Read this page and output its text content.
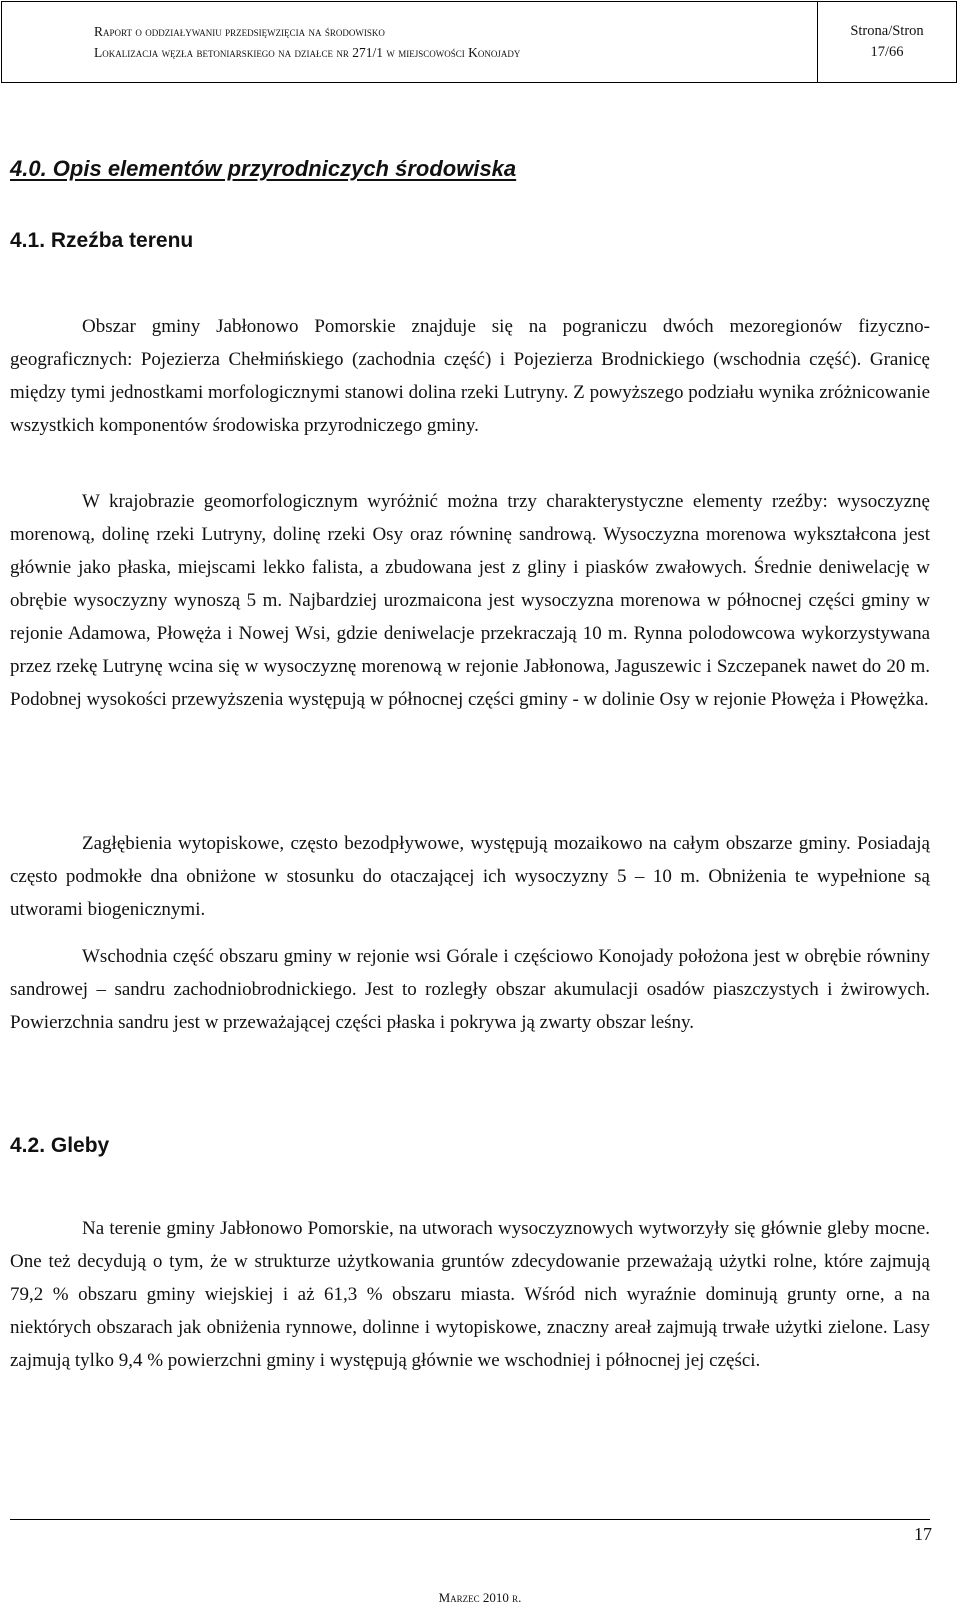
Raport o oddziaływaniu przedsięwzięcia na środowisko
Lokalizacja węzła betoniarskiego na działce nr 271/1 w miejscowości Konojady
Strona/Stron
17/66
4.0. Opis elementów przyrodniczych środowiska
4.1. Rzeźba terenu

Obszar gminy Jabłonowo Pomorskie znajduje się na pograniczu dwóch mezoregionów fizyczno-geograficznych: Pojezierza Chełmińskiego (zachodnia część) i Pojezierza Brodnickiego (wschodnia część). Granicę między tymi jednostkami morfologicznymi stanowi dolina rzeki Lutryny. Z powyższego podziału wynika zróżnicowanie wszystkich komponentów środowiska przyrodniczego gminy.

W krajobrazie geomorfologicznym wyróżnić można trzy charakterystyczne elementy rzeźby: wysoczyznę morenową, dolinę rzeki Lutryny, dolinę rzeki Osy oraz równinę sandrową. Wysoczyzna morenowa wykształcona jest głównie jako płaska, miejscami lekko falista, a zbudowana jest z gliny i piasków zwałowych. Średnie deniwelację w obrębie wysoczyzny wynoszą 5 m. Najbardziej urozmaicona jest wysoczyzna morenowa w północnej części gminy w rejonie Adamowa, Płowęża i Nowej Wsi, gdzie deniwelacje przekraczają 10 m. Rynna polodowcowa wykorzystywana przez rzekę Lutrynę wcina się w wysoczyznę morenową w rejonie Jabłonowa, Jaguszewic i Szczepanek nawet do 20 m. Podobnej wysokości przewyższenia występują w północnej części gminy - w dolinie Osy w rejonie Płowęża i Płowężka.

Zagłębienia wytopiskowe, często bezodpływowe, występują mozaikowo na całym obszarze gminy. Posiadają często podmokłe dna obniżone w stosunku do otaczającej ich wysoczyzny 5 – 10 m. Obniżenia te wypełnione są utworami biogenicznymi.

Wschodnia część obszaru gminy w rejonie wsi Górale i częściowo Konojady położona jest w obrębie równiny sandrowej – sandru zachodniobrodnickiego. Jest to rozległy obszar akumulacji osadów piaszczystych i żwirowych. Powierzchnia sandru jest w przeważającej części płaska i pokrywa ją zwarty obszar leśny.

4.2. Gleby

Na terenie gminy Jabłonowo Pomorskie, na utworach wysoczyznowych wytworzyły się głównie gleby mocne. One też decydują o tym, że w strukturze użytkowania gruntów zdecydowanie przeważają użytki rolne, które zajmują 79,2 % obszaru gminy wiejskiej i aż 61,3 % obszaru miasta. Wśród nich wyraźnie dominują grunty orne, a na niektórych obszarach jak obniżenia rynnowe, dolinne i wytopiskowe, znaczny areał zajmują trwałe użytki zielone. Lasy zajmują tylko 9,4 % powierzchni gminy i występują głównie we wschodniej i północnej jej części.

17
Marzec 2010 r.
